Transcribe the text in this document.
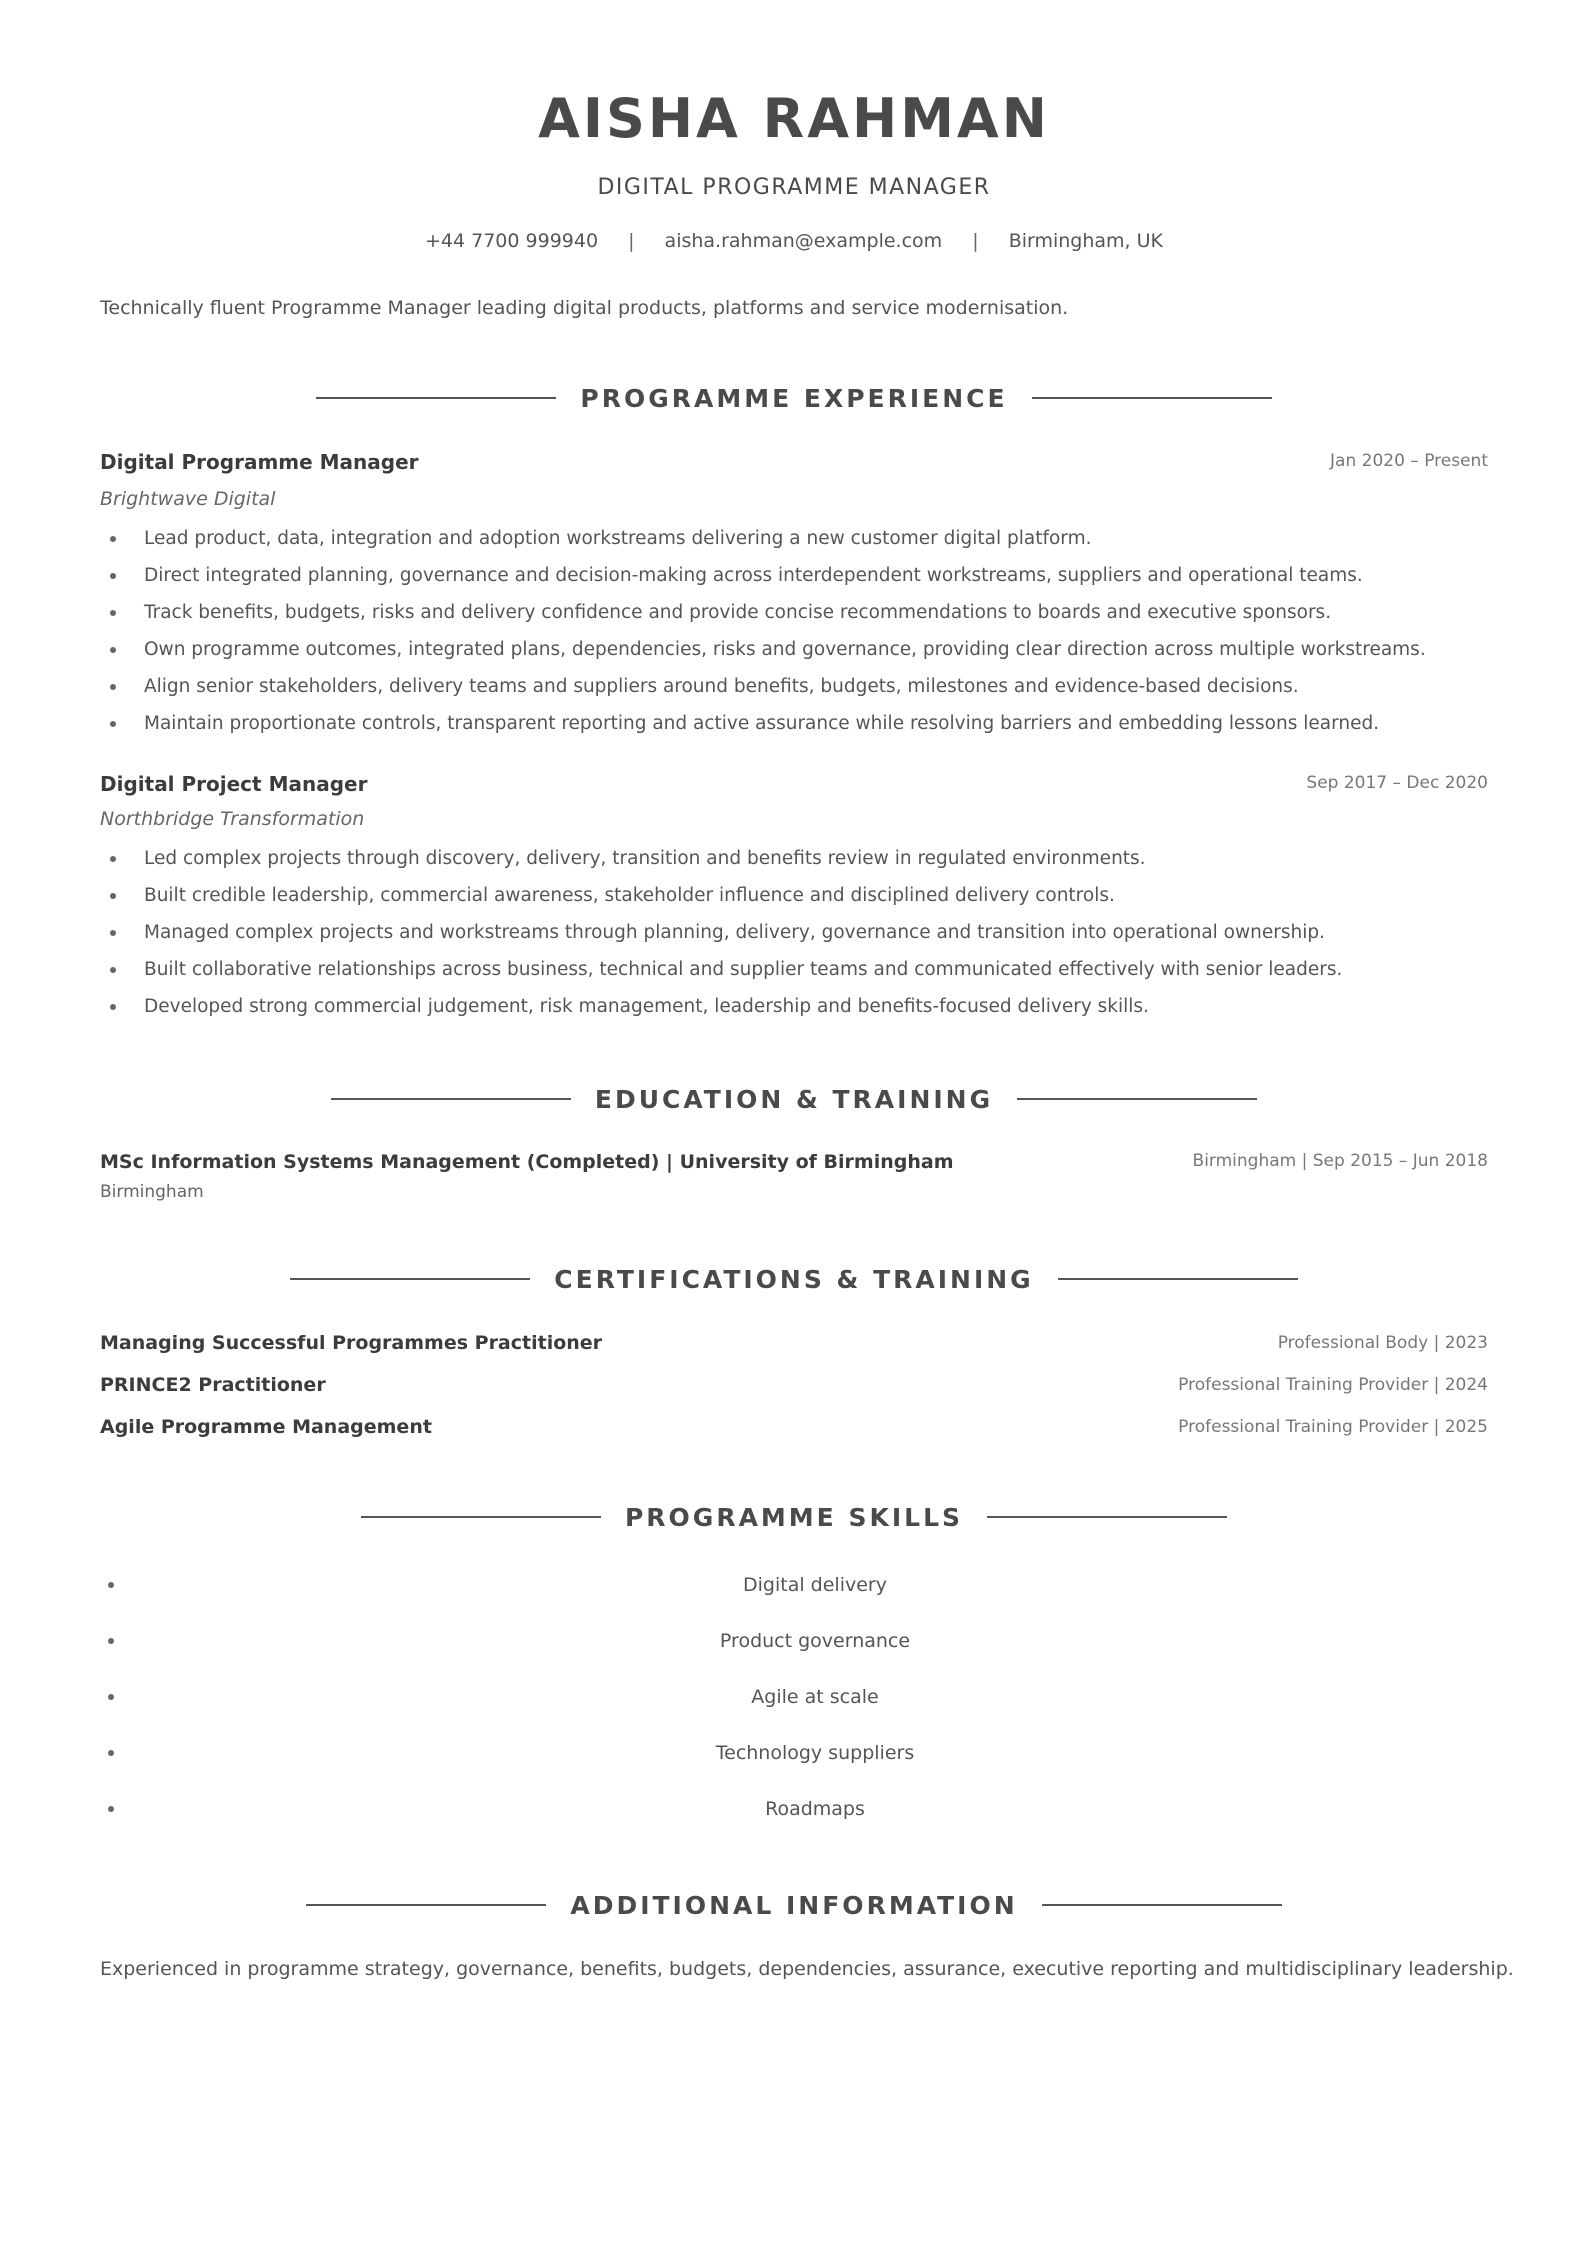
AISHA RAHMAN
DIGITAL PROGRAMME MANAGER
+44 7700 999940 | aisha.rahman@example.com | Birmingham, UK
Technically fluent Programme Manager leading digital products, platforms and service modernisation.
PROGRAMME EXPERIENCE
Digital Programme Manager	Jan 2020 – Present
Brightwave Digital
Lead product, data, integration and adoption workstreams delivering a new customer digital platform.
Direct integrated planning, governance and decision-making across interdependent workstreams, suppliers and operational teams.
Track benefits, budgets, risks and delivery confidence and provide concise recommendations to boards and executive sponsors.
Own programme outcomes, integrated plans, dependencies, risks and governance, providing clear direction across multiple workstreams.
Align senior stakeholders, delivery teams and suppliers around benefits, budgets, milestones and evidence-based decisions.
Maintain proportionate controls, transparent reporting and active assurance while resolving barriers and embedding lessons learned.
Digital Project Manager	Sep 2017 – Dec 2020
Northbridge Transformation
Led complex projects through discovery, delivery, transition and benefits review in regulated environments.
Built credible leadership, commercial awareness, stakeholder influence and disciplined delivery controls.
Managed complex projects and workstreams through planning, delivery, governance and transition into operational ownership.
Built collaborative relationships across business, technical and supplier teams and communicated effectively with senior leaders.
Developed strong commercial judgement, risk management, leadership and benefits-focused delivery skills.
EDUCATION & TRAINING
MSc Information Systems Management (Completed) | University of Birmingham	Birmingham | Sep 2015 – Jun 2018
Birmingham
CERTIFICATIONS & TRAINING
Managing Successful Programmes Practitioner	Professional Body | 2023
PRINCE2 Practitioner	Professional Training Provider | 2024
Agile Programme Management	Professional Training Provider | 2025
PROGRAMME SKILLS
Digital delivery
Product governance
Agile at scale
Technology suppliers
Roadmaps
ADDITIONAL INFORMATION
Experienced in programme strategy, governance, benefits, budgets, dependencies, assurance, executive reporting and multidisciplinary leadership.
